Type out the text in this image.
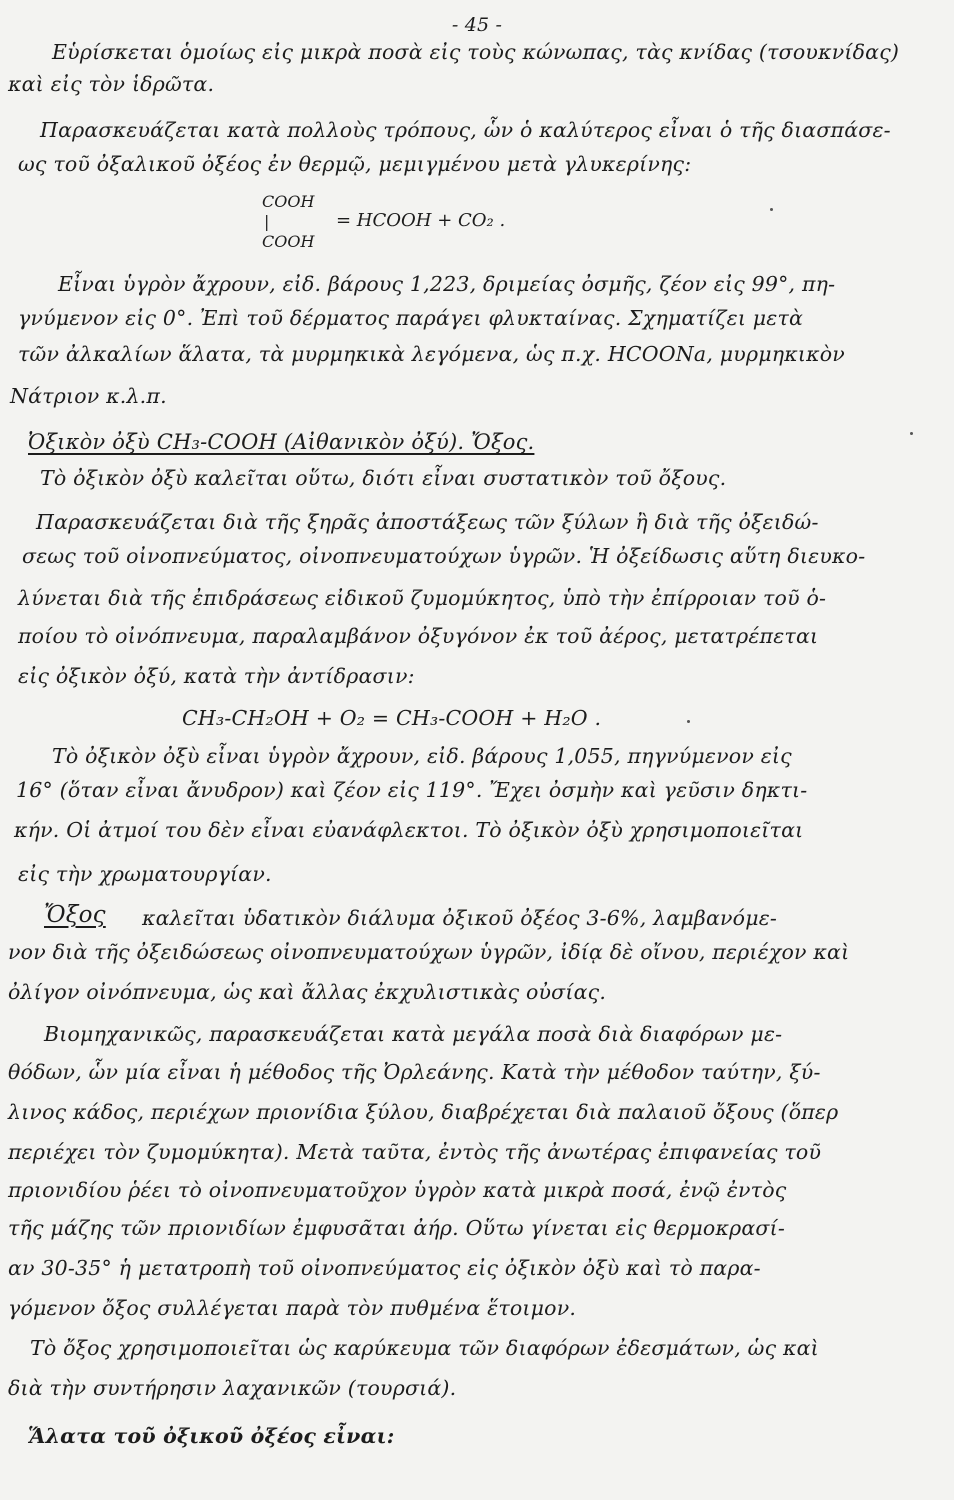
- 45 -
Εὑρίσκεται ὁμοίως εἰς μικρὰ ποσὰ εἰς τοὺς κώνωπας, τὰς κνίδας (τσουκνίδας)
καὶ εἰς τὸν ἱδρῶτα.
Παρασκευάζεται κατὰ πολλοὺς τρόπους, ὧν ὁ καλύτερος εἶναι ὁ τῆς διασπάσε-
ως τοῦ ὀξαλικοῦ ὀξέος ἐν θερμῷ, μεμιγμένου μετὰ γλυκερίνης:
COOH
|
COOH
= HCOOH + CO₂ .
Εἶναι ὑγρὸν ἄχρουν, εἰδ. βάρους 1,223, δριμείας ὀσμῆς, ζέον εἰς 99°, πη-
γνύμενον εἰς 0°. Ἐπὶ τοῦ δέρματος παράγει φλυκταίνας. Σχηματίζει μετὰ
τῶν ἀλκαλίων ἅλατα, τὰ μυρμηκικὰ λεγόμενα, ὡς π.χ. HCOONa, μυρμηκικὸν
Νάτριον κ.λ.π.
Ὀξικὸν ὀξὺ CH₃-COOH (Αἰθανικὸν ὀξύ). Ὄξος.
Τὸ ὀξικὸν ὀξὺ καλεῖται οὕτω, διότι εἶναι συστατικὸν τοῦ ὄξους.
Παρασκευάζεται διὰ τῆς ξηρᾶς ἀποστάξεως τῶν ξύλων ἢ διὰ τῆς ὀξειδώ-
σεως τοῦ οἰνοπνεύματος, οἰνοπνευματούχων ὑγρῶν. Ἡ ὀξείδωσις αὕτη διευκο-
λύνεται διὰ τῆς ἐπιδράσεως εἰδικοῦ ζυμομύκητος, ὑπὸ τὴν ἐπίρροιαν τοῦ ὁ-
ποίου τὸ οἰνόπνευμα, παραλαμβάνον ὀξυγόνον ἐκ τοῦ ἀέρος, μετατρέπεται
εἰς ὀξικὸν ὀξύ, κατὰ τὴν ἀντίδρασιν:
CH₃-CH₂OH + O₂ = CH₃-COOH + H₂O .
Τὸ ὀξικὸν ὀξὺ εἶναι ὑγρὸν ἄχρουν, εἰδ. βάρους 1,055, πηγνύμενον εἰς
16° (ὅταν εἶναι ἄνυδρον) καὶ ζέον εἰς 119°. Ἔχει ὀσμὴν καὶ γεῦσιν δηκτι-
κήν. Οἱ ἀτμοί του δὲν εἶναι εὐανάφλεκτοι. Τὸ ὀξικὸν ὀξὺ χρησιμοποιεῖται
εἰς τὴν χρωματουργίαν.
Ὄξος καλεῖται ὑδατικὸν διάλυμα ὀξικοῦ ὀξέος 3-6%, λαμβανόμε-
νον διὰ τῆς ὀξειδώσεως οἰνοπνευματούχων ὑγρῶν, ἰδίᾳ δὲ οἴνου, περιέχον καὶ
ὀλίγον οἰνόπνευμα, ὡς καὶ ἄλλας ἐκχυλιστικὰς οὐσίας.
Βιομηχανικῶς, παρασκευάζεται κατὰ μεγάλα ποσὰ διὰ διαφόρων με-
θόδων, ὧν μία εἶναι ἡ μέθοδος τῆς Ὀρλεάνης. Κατὰ τὴν μέθοδον ταύτην, ξύ-
λινος κάδος, περιέχων πριονίδια ξύλου, διαβρέχεται διὰ παλαιοῦ ὄξους (ὅπερ
περιέχει τὸν ζυμομύκητα). Μετὰ ταῦτα, ἐντὸς τῆς ἀνωτέρας ἐπιφανείας τοῦ
πριονιδίου ῥέει τὸ οἰνοπνευματοῦχον ὑγρὸν κατὰ μικρὰ ποσά, ἐνῷ ἐντὸς
τῆς μάζης τῶν πριονιδίων ἐμφυσᾶται ἀήρ. Οὕτω γίνεται εἰς θερμοκρασί-
αν 30-35° ἡ μετατροπὴ τοῦ οἰνοπνεύματος εἰς ὀξικὸν ὀξὺ καὶ τὸ παρα-
γόμενον ὄξος συλλέγεται παρὰ τὸν πυθμένα ἕτοιμον.
Τὸ ὄξος χρησιμοποιεῖται ὡς καρύκευμα τῶν διαφόρων ἐδεσμάτων, ὡς καὶ
διὰ τὴν συντήρησιν λαχανικῶν (τουρσιά).
Ἅλατα τοῦ ὀξικοῦ ὀξέος εἶναι:
